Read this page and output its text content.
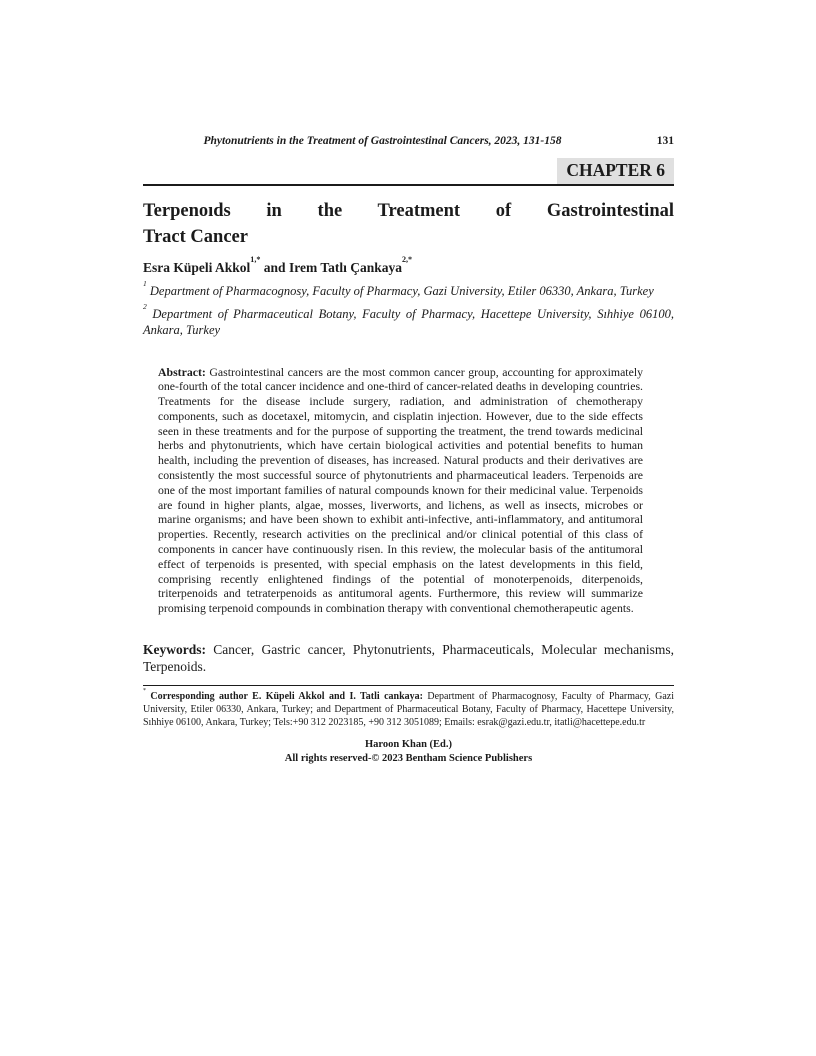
Phytonutrients in the Treatment of Gastrointestinal Cancers, 2023, 131-158	131
CHAPTER 6
Terpenoıds in the Treatment of Gastrointestinal
Tract Cancer
Esra Küpeli Akkol$^{1,*}$ and Irem Tatlı Çankaya$^{2,*}$
$^1$ Department of Pharmacognosy, Faculty of Pharmacy, Gazi University, Etiler 06330, Ankara, Turkey
$^2$ Department of Pharmaceutical Botany, Faculty of Pharmacy, Hacettepe University, Sıhhiye 06100, Ankara, Turkey
Abstract: Gastrointestinal cancers are the most common cancer group, accounting for approximately one-fourth of the total cancer incidence and one-third of cancer-related deaths in developing countries. Treatments for the disease include surgery, radiation, and administration of chemotherapy components, such as docetaxel, mitomycin, and cisplatin injection. However, due to the side effects seen in these treatments and for the purpose of supporting the treatment, the trend towards medicinal herbs and phytonutrients, which have certain biological activities and potential benefits to human health, including the prevention of diseases, has increased. Natural products and their derivatives are consistently the most successful source of phytonutrients and pharmaceutical leaders. Terpenoids are one of the most important families of natural compounds known for their medicinal value. Terpenoids are found in higher plants, algae, mosses, liverworts, and lichens, as well as insects, microbes or marine organisms; and have been shown to exhibit anti-infective, anti-inflammatory, and antitumoral properties. Recently, research activities on the preclinical and/or clinical potential of this class of components in cancer have continuously risen. In this review, the molecular basis of the antitumoral effect of terpenoids is presented, with special emphasis on the latest developments in this field, comprising recently enlightened findings of the potential of monoterpenoids, diterpenoids, triterpenoids and tetraterpenoids as antitumoral agents. Furthermore, this review will summarize promising terpenoid compounds in combination therapy with conventional chemotherapeutic agents.
Keywords: Cancer, Gastric cancer, Phytonutrients, Pharmaceuticals, Molecular mechanisms, Terpenoids.
* Corresponding author E. Küpeli Akkol and I. Tatli cankaya: Department of Pharmacognosy, Faculty of Pharmacy, Gazi University, Etiler 06330, Ankara, Turkey; and Department of Pharmaceutical Botany, Faculty of Pharmacy, Hacettepe University, Sıhhiye 06100, Ankara, Turkey; Tels:+90 312 2023185, +90 312 3051089; Emails: esrak@gazi.edu.tr, itatli@hacettepe.edu.tr
Haroon Khan (Ed.)
All rights reserved-© 2023 Bentham Science Publishers
